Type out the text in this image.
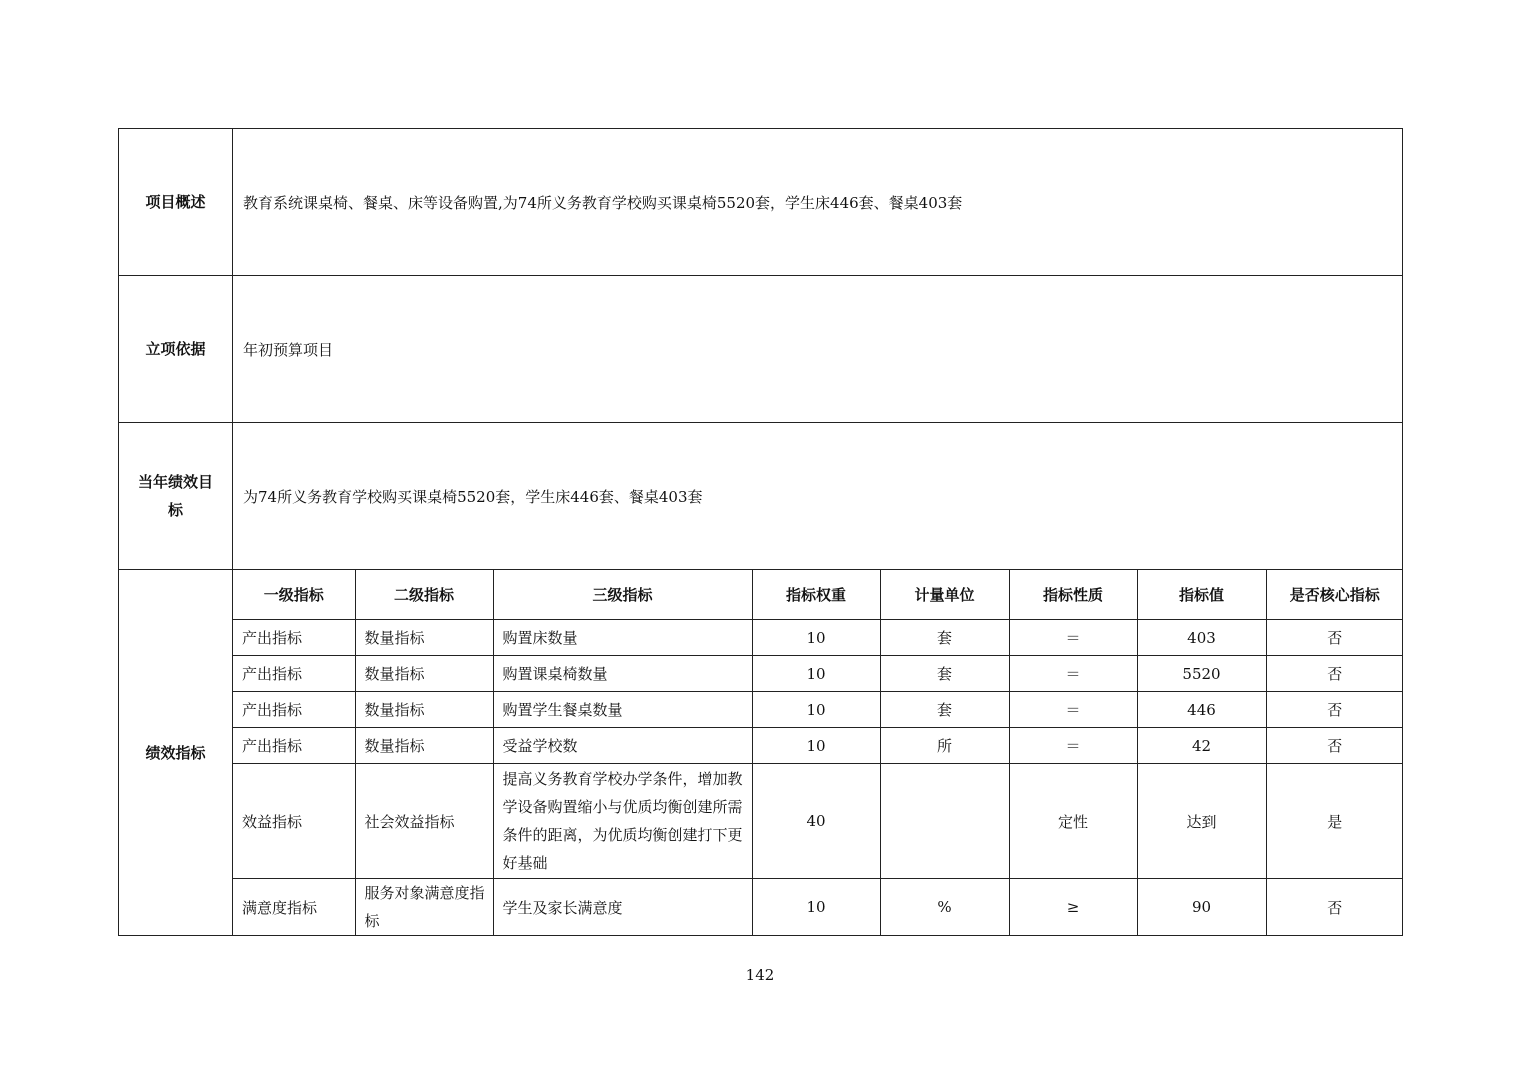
项目概述	教育系统课桌椅、餐桌、床等设备购置,为74所义务教育学校购买课桌椅5520套，学生床446套、餐桌403套
立项依据	年初预算项目

当年绩效目
标
	为74所义务教育学校购买课桌椅5520套，学生床446套、餐桌403套
绩效指标	
一级指标	二级指标	三级指标	指标权重	计量单位	指标性质	指标值	是否核心指标
产出指标	数量指标	购置床数量	10	套	＝	403	否
产出指标	数量指标	购置课桌椅数量	10	套	＝	5520	否
产出指标	数量指标	购置学生餐桌数量	10	套	＝	446	否
产出指标	数量指标	受益学校数	10	所	＝	42	否
效益指标	社会效益指标	提高义务教育学校办学条件，增加教学设备购置缩小与优质均衡创建所需条件的距离，为优质均衡创建打下更好基础	40		定性	达到	是
满意度指标	服务对象满意度指标	学生及家长满意度	10	%	≥	90	否
142
